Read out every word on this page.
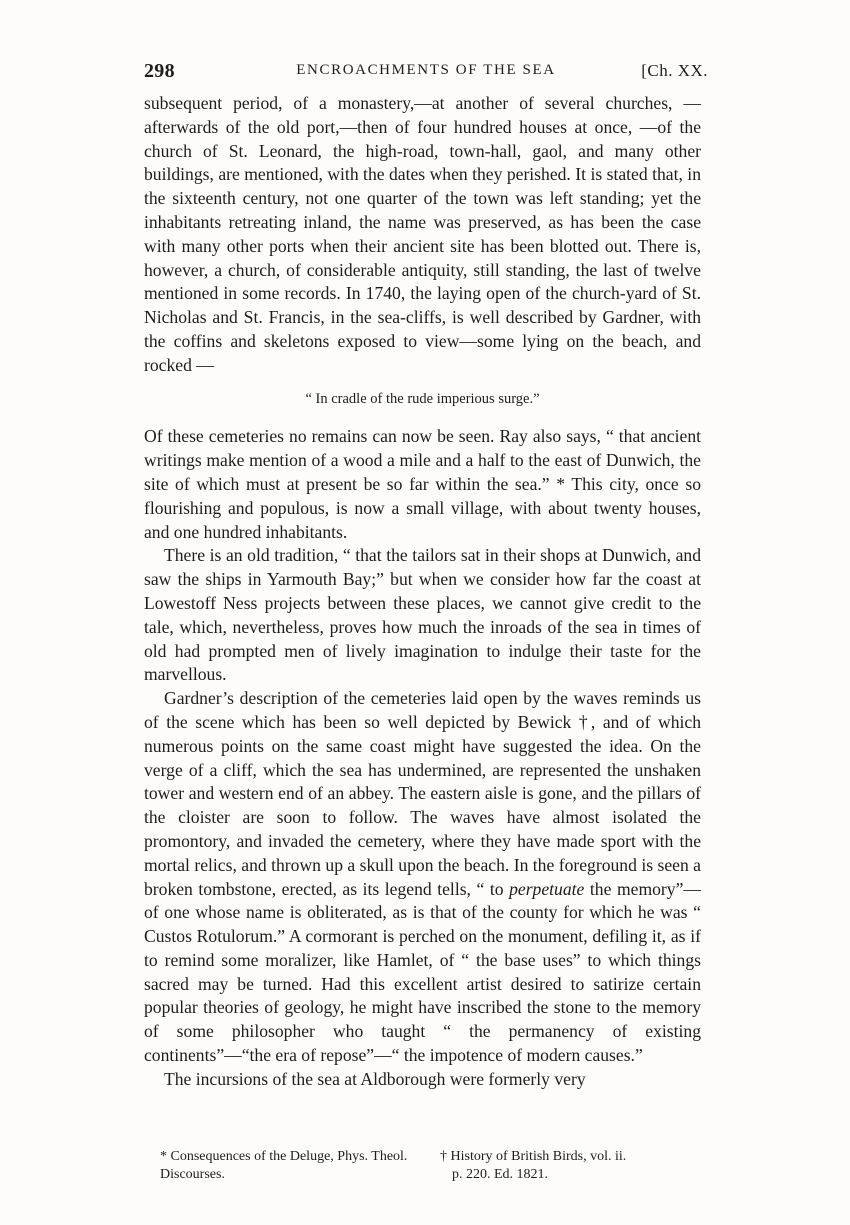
298	ENCROACHMENTS OF THE SEA	[Ch. XX.

subsequent period, of a monastery,—at another of several churches, —afterwards of the old port,—then of four hundred houses at once, —of the church of St. Leonard, the high-road, town-hall, gaol, and many other buildings, are mentioned, with the dates when they perished. It is stated that, in the sixteenth century, not one quarter of the town was left standing; yet the inhabitants retreating inland, the name was preserved, as has been the case with many other ports when their ancient site has been blotted out. There is, however, a church, of considerable antiquity, still standing, the last of twelve mentioned in some records. In 1740, the laying open of the church-yard of St. Nicholas and St. Francis, in the sea-cliffs, is well described by Gardner, with the coffins and skeletons exposed to view—some lying on the beach, and rocked —

“ In cradle of the rude imperious surge.”

Of these cemeteries no remains can now be seen. Ray also says, “ that ancient writings make mention of a wood a mile and a half to the east of Dunwich, the site of which must at present be so far within the sea.” * This city, once so flourishing and populous, is now a small village, with about twenty houses, and one hundred inhabitants.

There is an old tradition, “ that the tailors sat in their shops at Dunwich, and saw the ships in Yarmouth Bay;” but when we consider how far the coast at Lowestoff Ness projects between these places, we cannot give credit to the tale, which, nevertheless, proves how much the inroads of the sea in times of old had prompted men of lively imagination to indulge their taste for the marvellous.

Gardner’s description of the cemeteries laid open by the waves reminds us of the scene which has been so well depicted by Bewick †, and of which numerous points on the same coast might have suggested the idea. On the verge of a cliff, which the sea has undermined, are represented the unshaken tower and western end of an abbey. The eastern aisle is gone, and the pillars of the cloister are soon to follow. The waves have almost isolated the promontory, and invaded the cemetery, where they have made sport with the mortal relics, and thrown up a skull upon the beach. In the foreground is seen a broken tombstone, erected, as its legend tells, “ to perpetuate the memory”—of one whose name is obliterated, as is that of the county for which he was “ Custos Rotulorum.” A cormorant is perched on the monument, defiling it, as if to remind some moralizer, like Hamlet, of “ the base uses” to which things sacred may be turned. Had this excellent artist desired to satirize certain popular theories of geology, he might have inscribed the stone to the memory of some philosopher who taught “ the permanency of existing continents”—“the era of repose”—“ the impotence of modern causes.”

The incursions of the sea at Aldborough were formerly very

* Consequences of the Deluge, Phys. Theol. Discourses.
† History of British Birds, vol. ii.
p. 220. Ed. 1821.
